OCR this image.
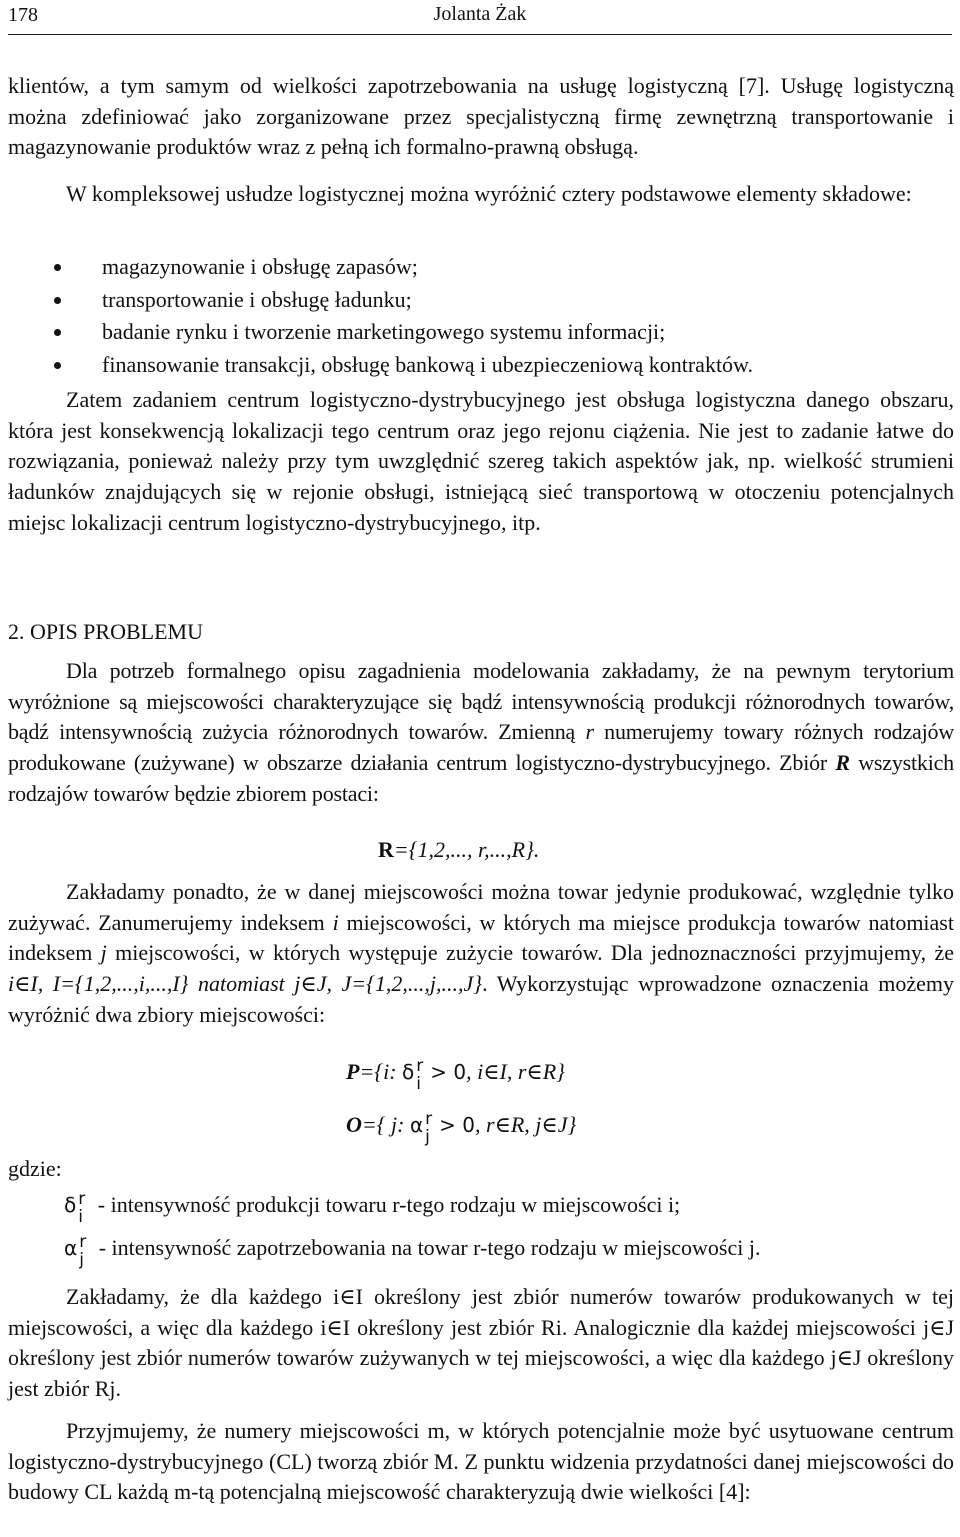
178	Jolanta Żak

klientów, a tym samym od wielkości zapotrzebowania na usługę logistyczną [7]. Usługę logistyczną można zdefiniować jako zorganizowane przez specjalistyczną firmę zewnętrzną transportowanie i magazynowanie produktów wraz z pełną ich formalno-prawną obsługą.

W kompleksowej usłudze logistycznej można wyróżnić cztery podstawowe elementy składowe:

magazynowanie i obsługę zapasów;
transportowanie i obsługę ładunku;
badanie rynku i tworzenie marketingowego systemu informacji;
finansowanie transakcji, obsługę bankową i ubezpieczeniową kontraktów.

Zatem zadaniem centrum logistyczno-dystrybucyjnego jest obsługa logistyczna danego obszaru, która jest konsekwencją lokalizacji tego centrum oraz jego rejonu ciążenia. Nie jest to zadanie łatwe do rozwiązania, ponieważ należy przy tym uwzględnić szereg takich aspektów jak, np. wielkość strumieni ładunków znajdujących się w rejonie obsługi, istniejącą sieć transportową w otoczeniu potencjalnych miejsc lokalizacji centrum logistyczno-dystrybucyjnego, itp.

2. OPIS PROBLEMU

Dla potrzeb formalnego opisu zagadnienia modelowania zakładamy, że na pewnym terytorium wyróżnione są miejscowości charakteryzujące się bądź intensywnością produkcji różnorodnych towarów, bądź intensywnością zużycia różnorodnych towarów. Zmienną r numerujemy towary różnych rodzajów produkowane (zużywane) w obszarze działania centrum logistyczno-dystrybucyjnego. Zbiór R wszystkich rodzajów towarów będzie zbiorem postaci:

R={1,2,..., r,...,R}.

Zakładamy ponadto, że w danej miejscowości można towar jedynie produkować, względnie tylko zużywać. Zanumerujemy indeksem i miejscowości, w których ma miejsce produkcja towarów natomiast indeksem j miejscowości, w których występuje zużycie towarów. Dla jednoznaczności przyjmujemy, że i∈I, I={1,2,...,i,...,I} natomiast j∈J, J={1,2,...,j,...,J}. Wykorzystując wprowadzone oznaczenia możemy wyróżnić dwa zbiory miejscowości:

P={i: δ r
i > 0, i∈I, r∈R}
O={ j: α r
j > 0, r∈R, j∈J}
gdzie:
δ r
i - intensywność produkcji towaru r-tego rodzaju w miejscowości i;
α r
j - intensywność zapotrzebowania na towar r-tego rodzaju w miejscowości j.

Zakładamy, że dla każdego i∈I określony jest zbiór numerów towarów produkowanych w tej miejscowości, a więc dla każdego i∈I określony jest zbiór Ri. Analogicznie dla każdej miejscowości j∈J określony jest zbiór numerów towarów zużywanych w tej miejscowości, a więc dla każdego j∈J określony jest zbiór Rj.

Przyjmujemy, że numery miejscowości m, w których potencjalnie może być usytuowane centrum logistyczno-dystrybucyjnego (CL) tworzą zbiór M. Z punktu widzenia przydatności danej miejscowości do budowy CL każdą m-tą potencjalną miejscowość charakteryzują dwie wielkości [4]:
